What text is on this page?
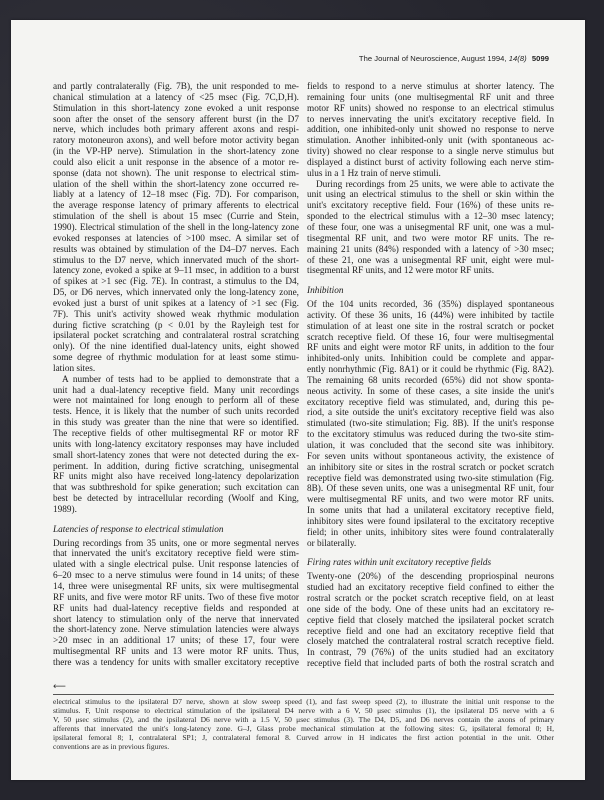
The Journal of Neuroscience, August 1994, 14(8) 5099
and partly contralaterally (Fig. 7B), the unit responded to me-
chanical stimulation at a latency of <25 msec (Fig. 7C,D,H).
Stimulation in this short-latency zone evoked a unit response
soon after the onset of the sensory afferent burst (in the D7
nerve, which includes both primary afferent axons and respi-
ratory motoneuron axons), and well before motor activity began
(in the VP-HP nerve). Stimulation in the short-latency zone
could also elicit a unit response in the absence of a motor re-
sponse (data not shown). The unit response to electrical stim-
ulation of the shell within the short-latency zone occurred re-
liably at a latency of 12–18 msec (Fig. 7D). For comparison,
the average response latency of primary afferents to electrical
stimulation of the shell is about 15 msec (Currie and Stein,
1990). Electrical stimulation of the shell in the long-latency zone
evoked responses at latencies of >100 msec. A similar set of
results was obtained by stimulation of the D4–D7 nerves. Each
stimulus to the D7 nerve, which innervated much of the short-
latency zone, evoked a spike at 9–11 msec, in addition to a burst
of spikes at >1 sec (Fig. 7E). In contrast, a stimulus to the D4,
D5, or D6 nerves, which innervated only the long-latency zone,
evoked just a burst of unit spikes at a latency of >1 sec (Fig.
7F). This unit's activity showed weak rhythmic modulation
during fictive scratching (p < 0.01 by the Rayleigh test for
ipsilateral pocket scratching and contralateral rostral scratching
only). Of the nine identified dual-latency units, eight showed
some degree of rhythmic modulation for at least some stimu-
lation sites.
A number of tests had to be applied to demonstrate that a
unit had a dual-latency receptive field. Many unit recordings
were not maintained for long enough to perform all of these
tests. Hence, it is likely that the number of such units recorded
in this study was greater than the nine that were so identified.
The receptive fields of other multisegmental RF or motor RF
units with long-latency excitatory responses may have included
small short-latency zones that were not detected during the ex-
periment. In addition, during fictive scratching, unisegmental
RF units might also have received long-latency depolarization
that was subthreshold for spike generation; such excitation can
best be detected by intracellular recording (Woolf and King,
1989).
Latencies of response to electrical stimulation
During recordings from 35 units, one or more segmental nerves
that innervated the unit's excitatory receptive field were stim-
ulated with a single electrical pulse. Unit response latencies of
6–20 msec to a nerve stimulus were found in 14 units; of these
14, three were unisegmental RF units, six were multisegmental
RF units, and five were motor RF units. Two of these five motor
RF units had dual-latency receptive fields and responded at
short latency to stimulation only of the nerve that innervated
the short-latency zone. Nerve stimulation latencies were always
>20 msec in an additional 17 units; of these 17, four were
multisegmental RF units and 13 were motor RF units. Thus,
there was a tendency for units with smaller excitatory receptive
fields to respond to a nerve stimulus at shorter latency. The
remaining four units (one multisegmental RF unit and three
motor RF units) showed no response to an electrical stimulus
to nerves innervating the unit's excitatory receptive field. In
addition, one inhibited-only unit showed no response to nerve
stimulation. Another inhibited-only unit (with spontaneous ac-
tivity) showed no clear response to a single nerve stimulus but
displayed a distinct burst of activity following each nerve stim-
ulus in a 1 Hz train of nerve stimuli.
During recordings from 25 units, we were able to activate the
unit using an electrical stimulus to the shell or skin within the
unit's excitatory receptive field. Four (16%) of these units re-
sponded to the electrical stimulus with a 12–30 msec latency;
of these four, one was a unisegmental RF unit, one was a mul-
tisegmental RF unit, and two were motor RF units. The re-
maining 21 units (84%) responded with a latency of >30 msec;
of these 21, one was a unisegmental RF unit, eight were mul-
tisegmental RF units, and 12 were motor RF units.
Inhibition
Of the 104 units recorded, 36 (35%) displayed spontaneous
activity. Of these 36 units, 16 (44%) were inhibited by tactile
stimulation of at least one site in the rostral scratch or pocket
scratch receptive field. Of these 16, four were multisegmental
RF units and eight were motor RF units, in addition to the four
inhibited-only units. Inhibition could be complete and appar-
ently nonrhythmic (Fig. 8A1) or it could be rhythmic (Fig. 8A2).
The remaining 68 units recorded (65%) did not show sponta-
neous activity. In some of these cases, a site inside the unit's
excitatory receptive field was stimulated, and, during this pe-
riod, a site outside the unit's excitatory receptive field was also
stimulated (two-site stimulation; Fig. 8B). If the unit's response
to the excitatory stimulus was reduced during the two-site stim-
ulation, it was concluded that the second site was inhibitory.
For seven units without spontaneous activity, the existence of
an inhibitory site or sites in the rostral scratch or pocket scratch
receptive field was demonstrated using two-site stimulation (Fig.
8B). Of these seven units, one was a unisegmental RF unit, four
were multisegmental RF units, and two were motor RF units.
In some units that had a unilateral excitatory receptive field,
inhibitory sites were found ipsilateral to the excitatory receptive
field; in other units, inhibitory sites were found contralaterally
or bilaterally.
Firing rates within unit excitatory receptive fields
Twenty-one (20%) of the descending propriospinal neurons
studied had an excitatory receptive field confined to either the
rostral scratch or the pocket scratch receptive field, on at least
one side of the body. One of these units had an excitatory re-
ceptive field that closely matched the ipsilateral pocket scratch
receptive field and one had an excitatory receptive field that
closely matched the contralateral rostral scratch receptive field.
In contrast, 79 (76%) of the units studied had an excitatory
receptive field that included parts of both the rostral scratch and
⟵
electrical stimulus to the ipsilateral D7 nerve, shown at slow sweep speed (1), and fast sweep speed (2), to illustrate the initial unit response to the
stimulus. F, Unit response to electrical stimulation of the ipsilateral D4 nerve with a 6 V, 50 μsec stimulus (1), the ipsilateral D5 nerve with a 6
V, 50 μsec stimulus (2), and the ipsilateral D6 nerve with a 1.5 V, 50 μsec stimulus (3). The D4, D5, and D6 nerves contain the axons of primary
afferents that innervated the unit's long-latency zone. G–J, Glass probe mechanical stimulation at the following sites: G, ipsilateral femoral 0; H,
ipsilateral femoral 8; I, contralateral SP1; J, contralateral femoral 8. Curved arrow in H indicates the first action potential in the unit. Other
conventions are as in previous figures.
